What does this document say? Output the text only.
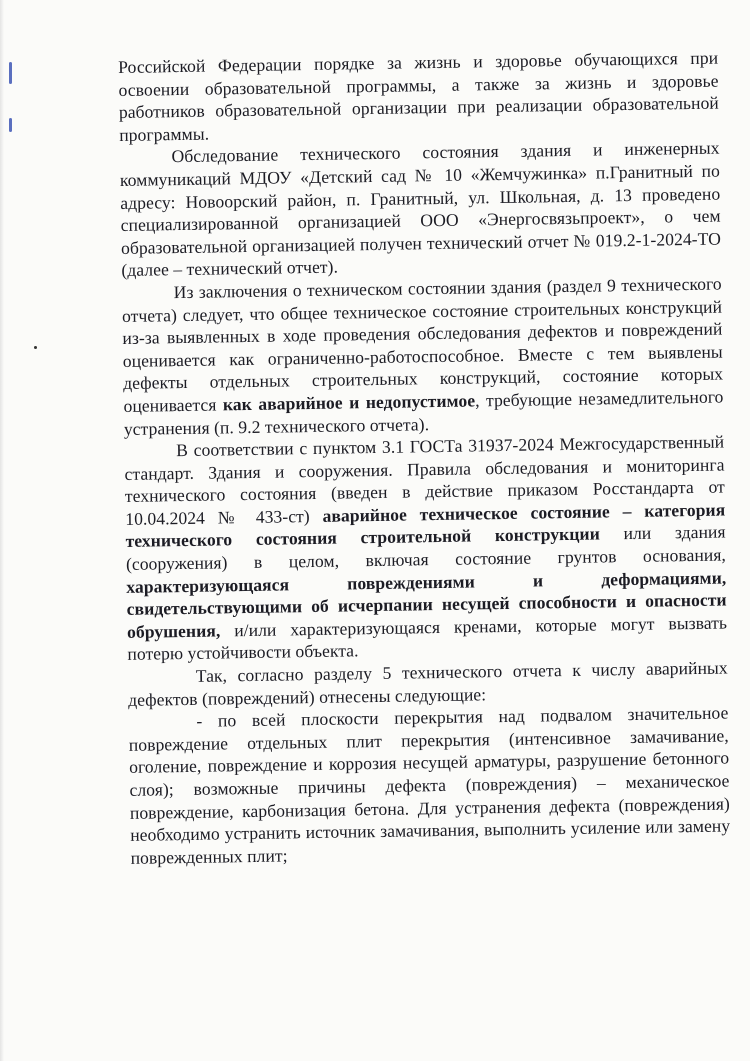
Российской Федерации порядке за жизнь и здоровье обучающихся при освоении образовательной программы, а также за жизнь и здоровье работников образовательной организации при реализации образовательной программы.

Обследование технического состояния здания и инженерных коммуникаций МДОУ «Детский сад № 10 «Жемчужинка» п.Гранитный по адресу: Новоорский район, п. Гранитный, ул. Школьная, д. 13 проведено специализированной организацией ООО «Энергосвязьпроект», о чем образовательной организацией получен технический отчет № 019.2-1-2024-ТО (далее – технический отчет).

Из заключения о техническом состоянии здания (раздел 9 технического отчета) следует, что общее техническое состояние строительных конструкций из-за выявленных в ходе проведения обследования дефектов и повреждений оценивается как ограниченно-работоспособное. Вместе с тем выявлены дефекты отдельных строительных конструкций, состояние которых оценивается как аварийное и недопустимое, требующие незамедлительного устранения (п. 9.2 технического отчета).

В соответствии с пунктом 3.1 ГОСТа 31937-2024 Межгосударственный стандарт. Здания и сооружения. Правила обследования и мониторинга технического состояния (введен в действие приказом Росстандарта от 10.04.2024 № 433-ст) аварийное техническое состояние – категория технического состояния строительной конструкции или здания (сооружения) в целом, включая состояние грунтов основания, характеризующаяся повреждениями и деформациями, свидетельствующими об исчерпании несущей способности и опасности обрушения, и/или характеризующаяся кренами, которые могут вызвать потерю устойчивости объекта.

Так, согласно разделу 5 технического отчета к числу аварийных дефектов (повреждений) отнесены следующие:

- по всей плоскости перекрытия над подвалом значительное повреждение отдельных плит перекрытия (интенсивное замачивание, оголение, повреждение и коррозия несущей арматуры, разрушение бетонного слоя); возможные причины дефекта (повреждения) – механическое повреждение, карбонизация бетона. Для устранения дефекта (повреждения) необходимо устранить источник замачивания, выполнить усиление или замену поврежденных плит;
